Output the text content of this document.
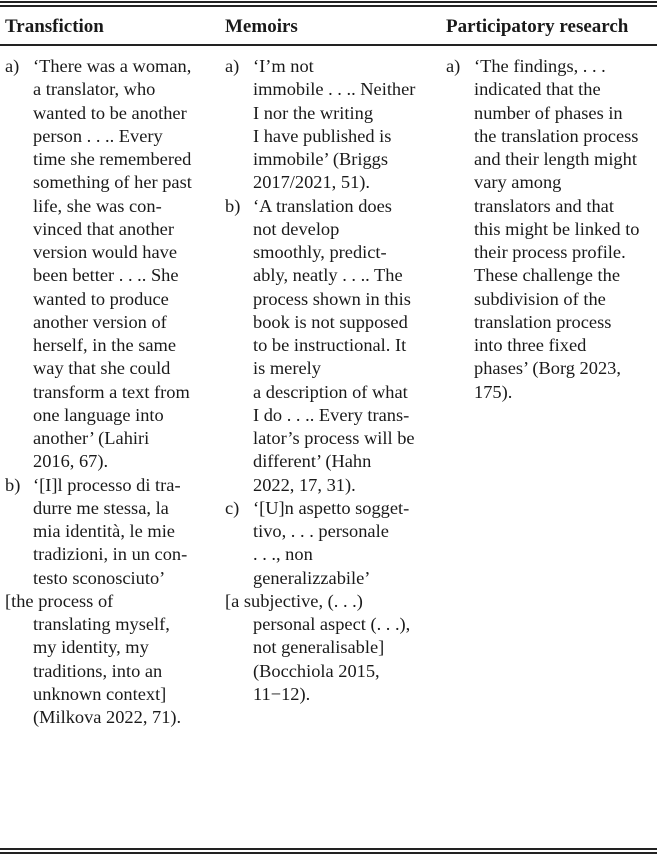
Transfiction	Memoirs	Participatory research
a) ‘There was a woman,
a translator, who
wanted to be another
person . . .. Every
time she remembered
something of her past
life, she was con-
vinced that another
version would have
been better . . .. She
wanted to produce
another version of
herself, in the same
way that she could
transform a text from
one language into
another’ (Lahiri
2016, 67).
b) ‘[I]l processo di tra-
durre me stessa, la
mia identità, le mie
tradizioni, in un con-
testo sconosciuto’
[the process of
translating myself,
my identity, my
traditions, into an
unknown context]
(Milkova 2022, 71).
a) ‘I’m not
immobile . . .. Neither
I nor the writing
I have published is
immobile’ (Briggs
2017/2021, 51).
b) ‘A translation does
not develop
smoothly, predict-
ably, neatly . . .. The
process shown in this
book is not supposed
to be instructional. It
is merely
a description of what
I do . . .. Every trans-
lator’s process will be
different’ (Hahn
2022, 17, 31).
c) ‘[U]n aspetto sogget-
tivo, . . . personale
. . ., non
generalizzabile’
[a subjective, (. . .)
personal aspect (. . .),
not generalisable]
(Bocchiola 2015,
11−12).
a) ‘The findings, . . .
indicated that the
number of phases in
the translation process
and their length might
vary among
translators and that
this might be linked to
their process profile.
These challenge the
subdivision of the
translation process
into three fixed
phases’ (Borg 2023,
175).
